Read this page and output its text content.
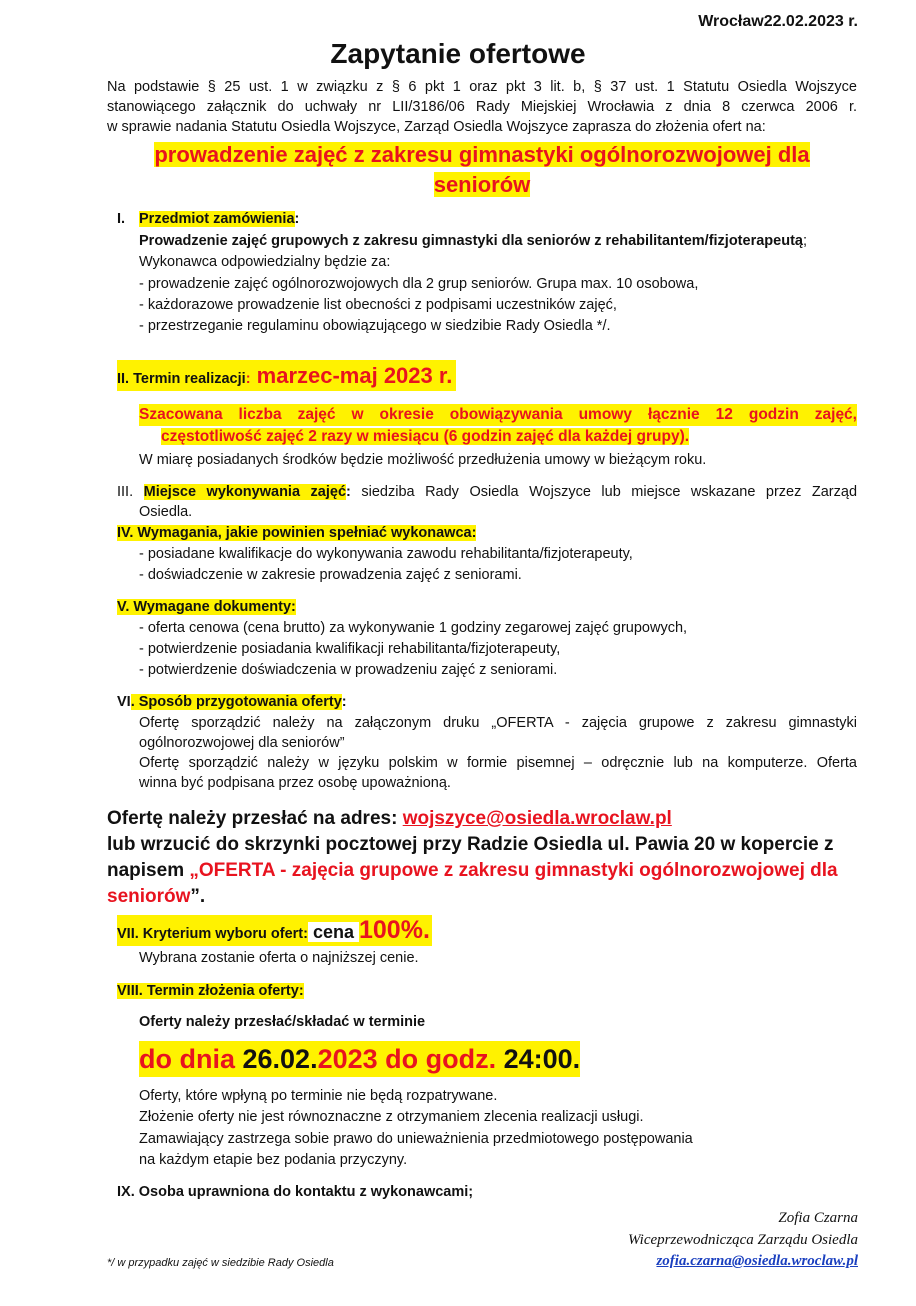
Wrocław22.02.2023 r.
Zapytanie ofertowe
Na podstawie § 25 ust. 1 w związku z § 6 pkt 1 oraz pkt 3 lit. b, § 37 ust. 1 Statutu Osiedla Wojszyce
stanowiącego załącznik do uchwały nr LII/3186/06 Rady Miejskiej Wrocławia z dnia 8 czerwca 2006 r.
w sprawie nadania Statutu Osiedla Wojszyce, Zarząd Osiedla Wojszyce zaprasza do złożenia ofert na:
prowadzenie zajęć z zakresu gimnastyki ogólnorozwojowej dla
seniorów
I. Przedmiot zamówienia:
Prowadzenie zajęć grupowych z zakresu gimnastyki dla seniorów z rehabilitantem/fizjoterapeutą;
Wykonawca odpowiedzialny będzie za:
- prowadzenie zajęć ogólnorozwojowych dla 2 grup seniorów. Grupa max. 10 osobowa,
- każdorazowe prowadzenie list obecności z podpisami uczestników zajęć,
- przestrzeganie regulaminu obowiązującego w siedzibie Rady Osiedla */.
II. Termin realizacji: marzec-maj 2023 r.
Szacowana liczba zajęć w okresie obowiązywania umowy łącznie 12 godzin zajęć,
częstotliwość zajęć 2 razy w miesiącu (6 godzin zajęć dla każdej grupy).
W miarę posiadanych środków będzie możliwość przedłużenia umowy w bieżącym roku.
III. Miejsce wykonywania zajęć: siedziba Rady Osiedla Wojszyce lub miejsce wskazane przez Zarząd
Osiedla.
IV. Wymagania, jakie powinien spełniać wykonawca:
- posiadane kwalifikacje do wykonywania zawodu rehabilitanta/fizjoterapeuty,
- doświadczenie w zakresie prowadzenia zajęć z seniorami.
V. Wymagane dokumenty:
- oferta cenowa (cena brutto) za wykonywanie 1 godziny zegarowej zajęć grupowych,
- potwierdzenie posiadania kwalifikacji rehabilitanta/fizjoterapeuty,
- potwierdzenie doświadczenia w prowadzeniu zajęć z seniorami.
VI. Sposób przygotowania oferty:
Ofertę sporządzić należy na załączonym druku „OFERTA - zajęcia grupowe z zakresu gimnastyki
ogólnorozwojowej dla seniorów”
Ofertę sporządzić należy w języku polskim w formie pisemnej – odręcznie lub na komputerze. Oferta
winna być podpisana przez osobę upoważnioną.
Ofertę należy przesłać na adres: wojszyce@osiedla.wroclaw.pl
lub wrzucić do skrzynki pocztowej przy Radzie Osiedla ul. Pawia 20 w kopercie z
napisem „OFERTA - zajęcia grupowe z zakresu gimnastyki ogólnorozwojowej dla
seniorów”.
VII. Kryterium wyboru ofert: cena 100%.
Wybrana zostanie oferta o najniższej cenie.
VIII. Termin złożenia oferty:
Oferty należy przesłać/składać w terminie
do dnia 26.02.2023 do godz. 24:00.
Oferty, które wpłyną po terminie nie będą rozpatrywane.
Złożenie oferty nie jest równoznaczne z otrzymaniem zlecenia realizacji usługi.
Zamawiający zastrzega sobie prawo do unieważnienia przedmiotowego postępowania
na każdym etapie bez podania przyczyny.
IX. Osoba uprawniona do kontaktu z wykonawcami;
Zofia Czarna
Wiceprzewodnicząca Zarządu Osiedla
zofia.czarna@osiedla.wroclaw.pl
*/ w przypadku zajęć w siedzibie Rady Osiedla
